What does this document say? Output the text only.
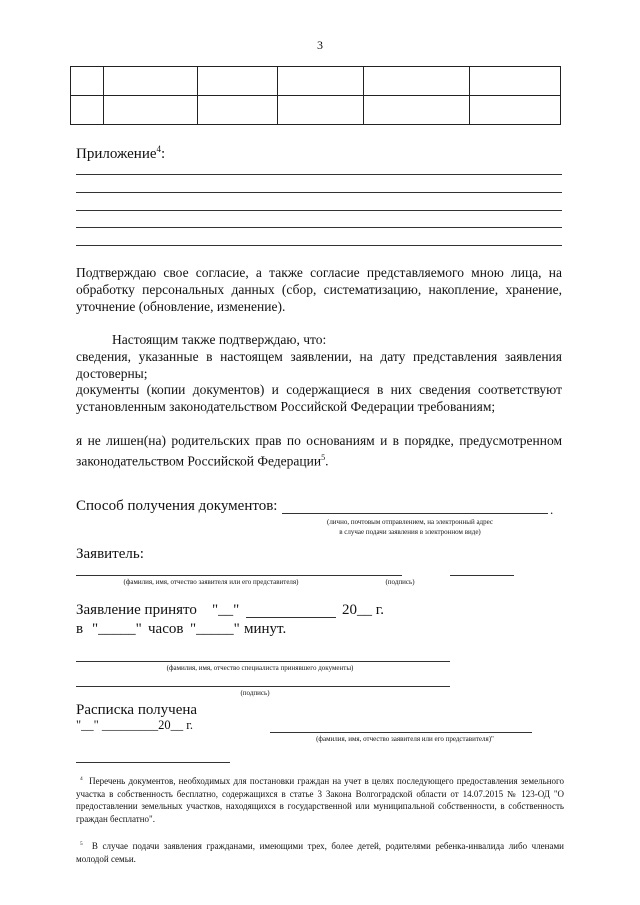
3

Приложение$^4$:
Подтверждаю свое согласие, а также согласие представляемого мною лица, на обработку персональных данных (сбор, систематизацию, накопление, хранение, уточнение (обновление, изменение).
Настоящим также подтверждаю, что:
сведения, указанные в настоящем заявлении, на дату представления заявления достоверны;
документы (копии документов) и содержащиеся в них сведения соответствуют установленным законодательством Российской Федерации требованиям;
я не лишен(на) родительских прав по основаниям и в порядке, предусмотренном законодательством Российской Федерации$^5$.
Способ получения документов:	.
(лично, почтовым отправлением, на электронный адрес
в случае подачи заявления в электронном виде)
Заявитель:
(фамилия, имя, отчество заявителя или его представителя)	(подпись)
Заявление принято "__"	20__ г.
в "_____" часов "_____" минут.
(фамилия, имя, отчество специалиста принявшего документы)
(подпись)
Расписка получена
"__" _________20__ г.
(фамилия, имя, отчество заявителя или его представителя)"
$^4$ Перечень документов, необходимых для постановки граждан на учет в целях последующего предоставления земельного участка в собственность бесплатно, содержащихся в статье 3 Закона Волгоградской области от 14.07.2015 № 123-ОД "О предоставлении земельных участков, находящихся в государственной или муниципальной собственности, в собственность граждан бесплатно".
$^5$ В случае подачи заявления гражданами, имеющими трех, более детей, родителями ребенка-инвалида либо членами молодой семьи.
